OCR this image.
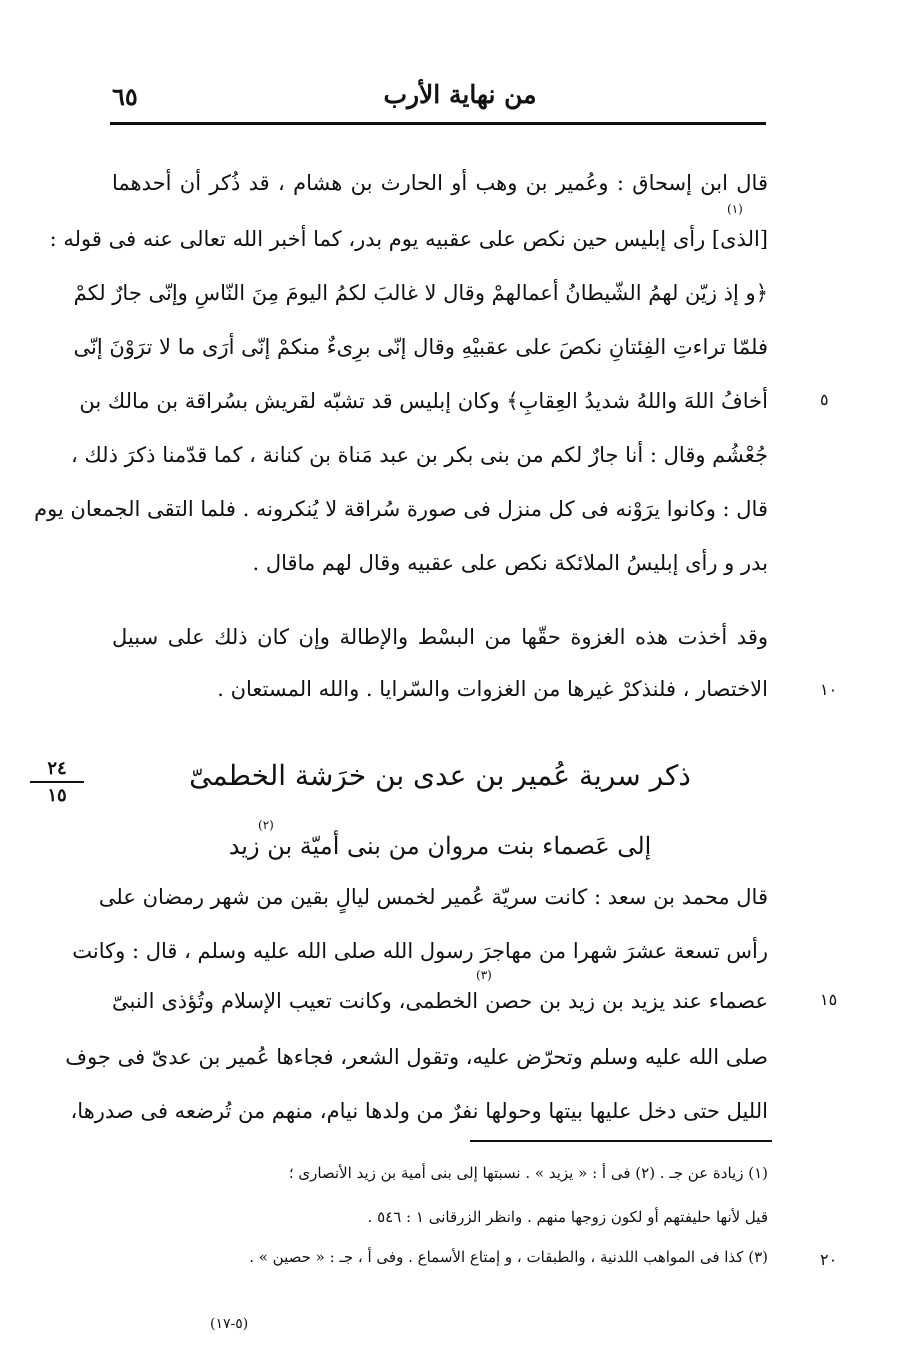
٦٥	من نهاية الأرب
قال ابن إسحاق : وعُمير بن وهب أو الحارث بن هشام ، قد ذُكر أن أحدهما
(١)
[الذى] رأى إبليس حين نكص على عقبيه يوم بدر، كما أخبر الله تعالى عنه فى قوله :
﴿و إذ زيّن لهمُ الشّيطانُ أعمالهمْ وقال لا غالبَ لكمُ اليومَ مِنَ النّاسِ وإنّى جارٌ لكمْ
فلمّا تراءتِ الفِئتانِ نكصَ على عقبيْهِ وقال إنّى برِىءٌ منكمْ إنّى أرَى ما لا ترَوْنَ إنّى
أخافُ اللهَ واللهُ شديدُ العِقابِ﴾ وكان إبليس قد تشبّه لقريش بسُراقة بن مالك بن
جُعْشُم وقال : أنا جارٌ لكم من بنى بكر بن عبد مَناة بن كنانة ، كما قدّمنا ذكرَ ذلك ،
قال : وكانوا يرَوْنه فى كل منزل فى صورة سُراقة لا يُنكرونه . فلما التقى الجمعان يوم
بدر و رأى إبليسُ الملائكة نكص على عقبيه وقال لهم ماقال .
وقد أخذت هذه الغزوة حقّها من البسْط والإطالة وإن كان ذلك على سبيل
الاختصار ، فلنذكرْ غيرها من الغزوات والسّرايا . والله المستعان .
٥
١٠
١٥
٢٠
٢٤
١٥
ذكر سرية عُمير بن عدى بن خرَشة الخطمىّ
(٢)
إلى عَصماء بنت مروان من بنى أميّة بن زيد
قال محمد بن سعد : كانت سريّة عُمير لخمس ليالٍ بقين من شهر رمضان على
رأس تسعة عشرَ شهرا من مهاجرَ رسول الله صلى الله عليه وسلم ، قال : وكانت
(٣)
عصماء عند يزيد بن زيد بن حصن الخطمى، وكانت تعيب الإسلام وتُؤذى النبىّ
صلى الله عليه وسلم وتحرّض عليه، وتقول الشعر، فجاءها عُمير بن عدىّ فى جوف
الليل حتى دخل عليها بيتها وحولها نفرٌ من ولدها نيام، منهم من تُرضعه فى صدرها،
(١) زيادة عن جـ . (٢) فى أ : « يزيد » . نسبتها إلى بنى أمية بن زيد الأنصارى ؛
قيل لأنها حليفتهم أو لكون زوجها منهم . وانظر الزرقانى ١ : ٥٤٦ .
(٣) كذا فى المواهب اللدنية ، والطبقات ، و إمتاع الأسماع . وفى أ ، جـ : « حصين » .
(٥-١٧)
